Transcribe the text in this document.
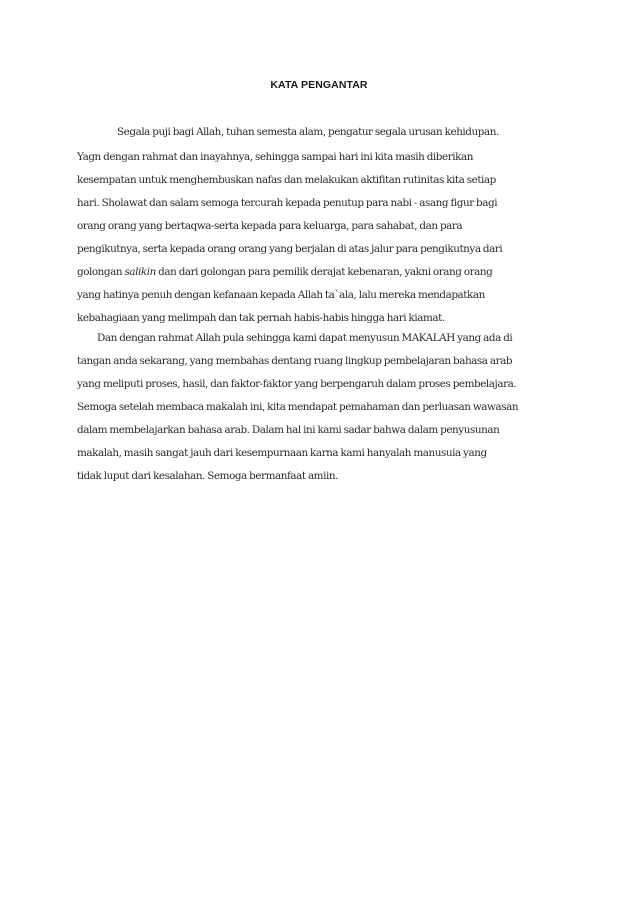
KATA PENGANTAR
Segala puji bagi Allah, tuhan semesta alam, pengatur segala urusan kehidupan.
Yagn dengan rahmat dan inayahnya, sehingga sampai hari ini kita masih diberikan
kesempatan untuk menghembuskan nafas dan melakukan aktifitan rutinitas kita setiap
hari. Sholawat dan salam semoga tercurah kepada penutup para nabi - asang figur bagi
orang orang yang bertaqwa-serta kepada para keluarga, para sahabat, dan para
pengikutnya, serta kepada orang orang yang berjalan di atas jalur para pengikutnya dari
golongan salikin dan dari golongan para pemilik derajat kebenaran, yakni orang orang
yang hatinya penuh dengan kefanaan kepada Allah ta`ala, lalu mereka mendapatkan
kebahagiaan yang melimpah dan tak pernah habis-habis hingga hari kiamat.
Dan dengan rahmat Allah pula sehingga kami dapat menyusun MAKALAH yang ada di
tangan anda sekarang, yang membahas dentang ruang lingkup pembelajaran bahasa arab
yang meliputi proses, hasil, dan faktor-faktor yang berpengaruh dalam proses pembelajara.
Semoga setelah membaca makalah ini, kita mendapat pemahaman dan perluasan wawasan
dalam membelajarkan bahasa arab. Dalam hal ini kami sadar bahwa dalam penyusunan
makalah, masih sangat jauh dari kesempurnaan karna kami hanyalah manusuia yang
tidak luput dari kesalahan. Semoga bermanfaat amiin.
